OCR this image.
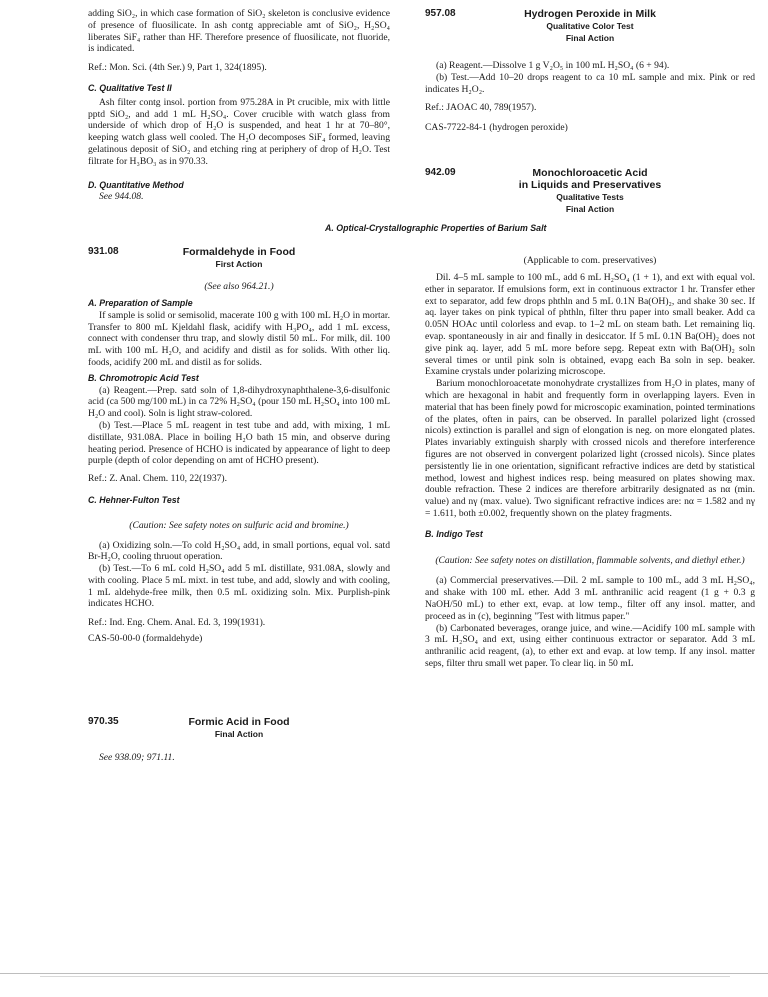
adding SiO₂, in which case formation of SiO₂ skeleton is conclusive evidence of presence of fluosilicate. In ash contg appreciable amt of SiO₂, H₂SO₄ liberates SiF₄ rather than HF. Therefore presence of fluosilicate, not fluoride, is indicated.

Ref.: Mon. Sci. (4th Ser.) 9, Part 1, 324(1895).

C. Qualitative Test II

Ash filter contg insol. portion from 975.28A in Pt crucible, mix with little pptd SiO₂, and add 1 mL H₂SO₄. Cover crucible with watch glass from underside of which drop of H₂O is suspended, and heat 1 hr at 70–80°, keeping watch glass well cooled. The H₂O decomposes SiF₄ formed, leaving gelatinous deposit of SiO₂ and etching ring at periphery of drop of H₂O. Test filtrate for H₃BO₃ as in 970.33.

D. Quantitative Method

See 944.08.

931.08	Formaldehyde in Food
First Action

(See also 964.21.)

A. Preparation of Sample

If sample is solid or semisolid, macerate 100 g with 100 mL H₂O in mortar. Transfer to 800 mL Kjeldahl flask, acidify with H₃PO₄, add 1 mL excess, connect with condenser thru trap, and slowly distil 50 mL. For milk, dil. 100 mL with 100 mL H₂O, and acidify and distil as for solids. With other liq. foods, acidify 200 mL and distil as for solids.

B. Chromotropic Acid Test

(a) Reagent.—Prep. satd soln of 1,8-dihydroxynaphthalene-3,6-disulfonic acid (ca 500 mg/100 mL) in ca 72% H₂SO₄ (pour 150 mL H₂SO₄ into 100 mL H₂O and cool). Soln is light straw-colored.

(b) Test.—Place 5 mL reagent in test tube and add, with mixing, 1 mL distillate, 931.08A. Place in boiling H₂O bath 15 min, and observe during heating period. Presence of HCHO is indicated by appearance of light to deep purple (depth of color depending on amt of HCHO present).

Ref.: Z. Anal. Chem. 110, 22(1937).

C. Hehner-Fulton Test

(Caution: See safety notes on sulfuric acid and bromine.)

(a) Oxidizing soln.—To cold H₂SO₄ add, in small portions, equal vol. satd Br-H₂O, cooling thruout operation.

(b) Test.—To 6 mL cold H₂SO₄ add 5 mL distillate, 931.08A, slowly and with cooling. Place 5 mL mixt. in test tube, and add, slowly and with cooling, 1 mL aldehyde-free milk, then 0.5 mL oxidizing soln. Mix. Purplish-pink indicates HCHO.

Ref.: Ind. Eng. Chem. Anal. Ed. 3, 199(1931).

CAS-50-00-0 (formaldehyde)

970.35	Formic Acid in Food
Final Action

See 938.09; 971.11.

957.08	Hydrogen Peroxide in Milk
Qualitative Color Test
Final Action

(a) Reagent.—Dissolve 1 g V₂O₅ in 100 mL H₂SO₄ (6 + 94).

(b) Test.—Add 10–20 drops reagent to ca 10 mL sample and mix. Pink or red indicates H₂O₂.

Ref.: JAOAC 40, 789(1957).

CAS-7722-84-1 (hydrogen peroxide)

942.09	Monochloroacetic Acid
in Liquids and Preservatives
Qualitative Tests
Final Action

A. Optical-Crystallographic Properties of Barium Salt

(Applicable to com. preservatives)

Dil. 4–5 mL sample to 100 mL, add 6 mL H₂SO₄ (1 + 1), and ext with equal vol. ether in separator. If emulsions form, ext in continuous extractor 1 hr. Transfer ether ext to separator, add few drops phthln and 5 mL 0.1N Ba(OH)₂, and shake 30 sec. If aq. layer takes on pink typical of phthln, filter thru paper into small beaker. Add ca 0.05N HOAc until colorless and evap. to 1–2 mL on steam bath. Let remaining liq. evap. spontaneously in air and finally in desiccator. If 5 mL 0.1N Ba(OH)₂ does not give pink aq. layer, add 5 mL more before sepg. Repeat extn with Ba(OH)₂ soln several times or until pink soln is obtained, evapg each Ba soln in sep. beaker. Examine crystals under polarizing microscope.

Barium monochloroacetate monohydrate crystallizes from H₂O in plates, many of which are hexagonal in habit and frequently form in overlapping layers. Even in material that has been finely powd for microscopic examination, pointed terminations of the plates, often in pairs, can be observed. In parallel polarized light (crossed nicols) extinction is parallel and sign of elongation is neg. on more elongated plates. Plates invariably extinguish sharply with crossed nicols and therefore interference figures are not observed in convergent polarized light (crossed nicols). Since plates persistently lie in one orientation, significant refractive indices are detd by statistical method, lowest and highest indices resp. being measured on plates showing max. double refraction. These 2 indices are therefore arbitrarily designated as nα (min. value) and nγ (max. value). Two significant refractive indices are: nα = 1.582 and nγ = 1.611, both ±0.002, frequently shown on the platey fragments.

B. Indigo Test

(Caution: See safety notes on distillation, flammable solvents, and diethyl ether.)

(a) Commercial preservatives.—Dil. 2 mL sample to 100 mL, add 3 mL H₂SO₄, and shake with 100 mL ether. Add 3 mL anthranilic acid reagent (1 g + 0.3 g NaOH/50 mL) to ether ext, evap. at low temp., filter off any insol. matter, and proceed as in (c), beginning "Test with litmus paper."

(b) Carbonated beverages, orange juice, and wine.—Acidify 100 mL sample with 3 mL H₂SO₄ and ext, using either continuous extractor or separator. Add 3 mL anthranilic acid reagent, (a), to ether ext and evap. at low temp. If any insol. matter seps, filter thru small wet paper. To clear liq. in 50 mL
